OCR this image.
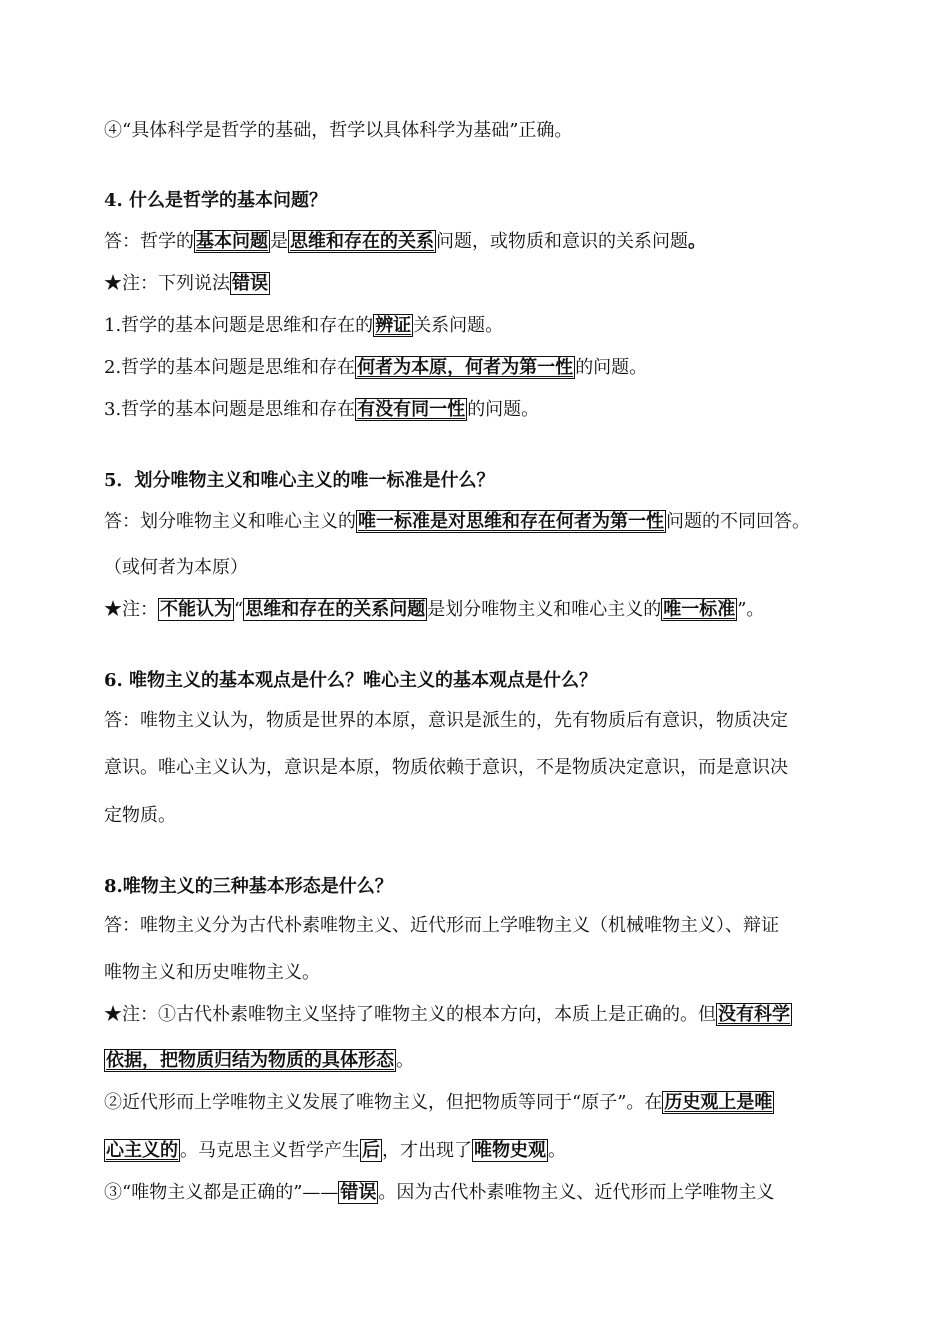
④“具体科学是哲学的基础，哲学以具体科学为基础”正确。
4. 什么是哲学的基本问题？
答：哲学的 基本问题 是 思维和存在的关系 问题，或物质和意识的关系问题。
★注：下列说法 错误
1.哲学的基本问题是思维和存在的 辨证 关系问题。
2.哲学的基本问题是思维和存在 何者为本原，何者为第一性 的问题。
3.哲学的基本问题是思维和存在 有没有同一性 的问题。
5．划分唯物主义和唯心主义的唯一标准是什么？
答：划分唯物主义和唯心主义的 唯一标准是对思维和存在何者为第一性 问题的不同回答。
（或何者为本原）
★注： 不能认为 “ 思维和存在的关系问题 是划分唯物主义和唯心主义的 唯一标准 ”。
6. 唯物主义的基本观点是什么？唯心主义的基本观点是什么？
答：唯物主义认为，物质是世界的本原，意识是派生的，先有物质后有意识，物质决定
意识。唯心主义认为，意识是本原，物质依赖于意识，不是物质决定意识，而是意识决
定物质。
8.唯物主义的三种基本形态是什么？
答：唯物主义分为古代朴素唯物主义、近代形而上学唯物主义（机械唯物主义）、辩证
唯物主义和历史唯物主义。
★注：①古代朴素唯物主义坚持了唯物主义的根本方向，本质上是正确的。但 没有科学
依据，把物质归结为物质的具体形态 。
②近代形而上学唯物主义发展了唯物主义，但把物质等同于“原子”。在 历史观上是唯
心主义的 。马克思主义哲学产生 后 ，才出现了 唯物史观 。
③“唯物主义都是正确的”—— 错误 。因为古代朴素唯物主义、近代形而上学唯物主义
